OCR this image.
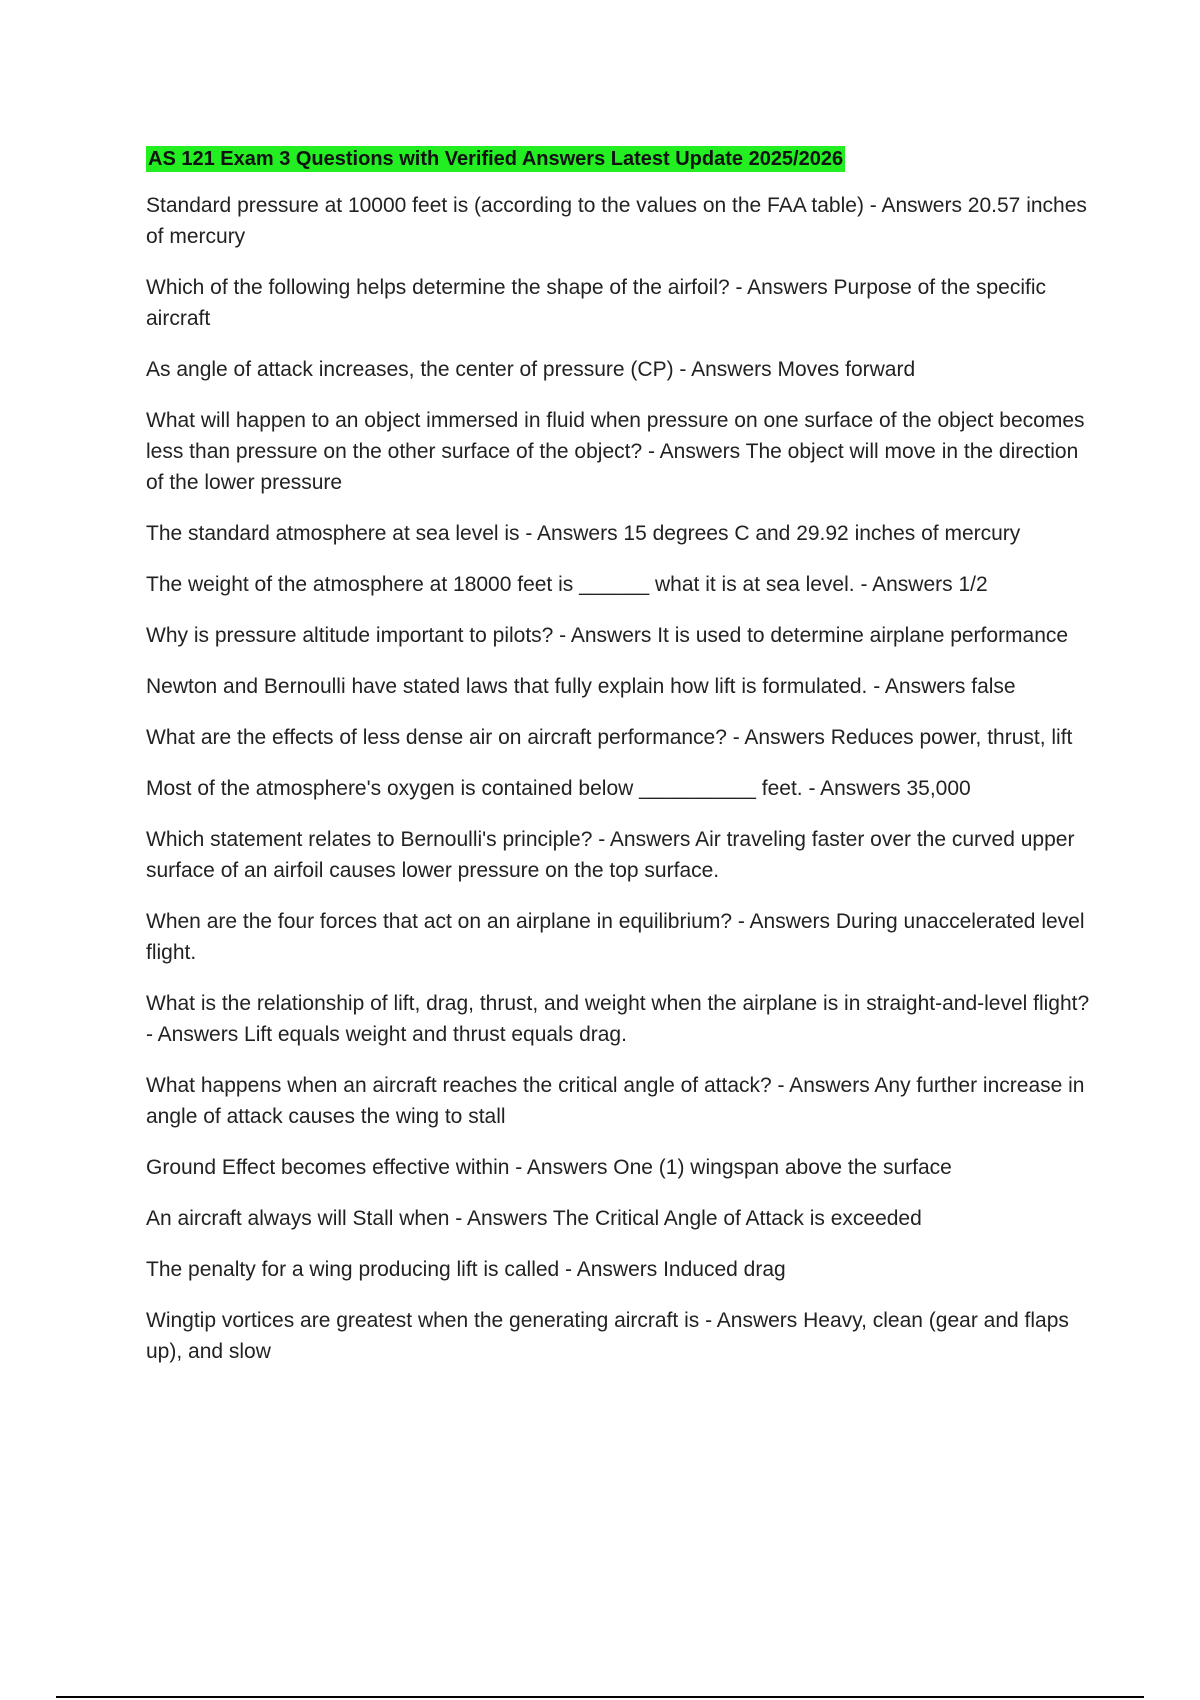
AS 121 Exam 3 Questions with Verified Answers Latest Update 2025/2026
Standard pressure at 10000 feet is (according to the values on the FAA table) - Answers 20.57 inches of mercury
Which of the following helps determine the shape of the airfoil? - Answers Purpose of the specific aircraft
As angle of attack increases, the center of pressure (CP) - Answers Moves forward
What will happen to an object immersed in fluid when pressure on one surface of the object becomes less than pressure on the other surface of the object? - Answers The object will move in the direction of the lower pressure
The standard atmosphere at sea level is - Answers 15 degrees C and 29.92 inches of mercury
The weight of the atmosphere at 18000 feet is ______ what it is at sea level. - Answers 1/2
Why is pressure altitude important to pilots? - Answers It is used to determine airplane performance
Newton and Bernoulli have stated laws that fully explain how lift is formulated. - Answers false
What are the effects of less dense air on aircraft performance? - Answers Reduces power, thrust, lift
Most of the atmosphere's oxygen is contained below __________ feet. - Answers 35,000
Which statement relates to Bernoulli's principle? - Answers Air traveling faster over the curved upper surface of an airfoil causes lower pressure on the top surface.
When are the four forces that act on an airplane in equilibrium? - Answers During unaccelerated level flight.
What is the relationship of lift, drag, thrust, and weight when the airplane is in straight-and-level flight? - Answers Lift equals weight and thrust equals drag.
What happens when an aircraft reaches the critical angle of attack? - Answers Any further increase in angle of attack causes the wing to stall
Ground Effect becomes effective within - Answers One (1) wingspan above the surface
An aircraft always will Stall when - Answers The Critical Angle of Attack is exceeded
The penalty for a wing producing lift is called - Answers Induced drag
Wingtip vortices are greatest when the generating aircraft is - Answers Heavy, clean (gear and flaps up), and slow
